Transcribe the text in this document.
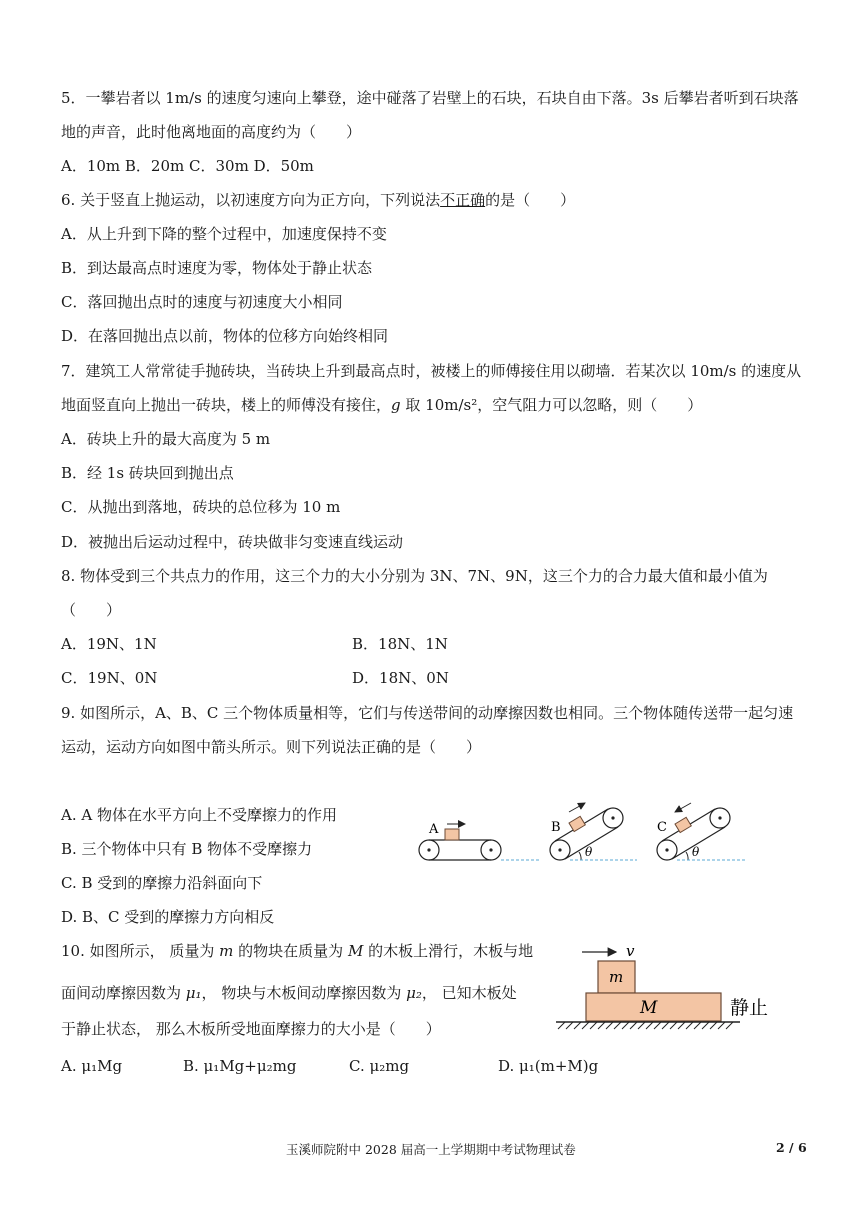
5．一攀岩者以 1m/s 的速度匀速向上攀登，途中碰落了岩壁上的石块，石块自由下落。3s 后攀岩者听到石块落
地的声音，此时他离地面的高度约为（　　）
A．10m B．20m C．30m D．50m
6. 关于竖直上抛运动，以初速度方向为正方向，下列说法不正确的是（　　）
A．从上升到下降的整个过程中，加速度保持不变
B．到达最高点时速度为零，物体处于静止状态
C．落回抛出点时的速度与初速度大小相同
D．在落回抛出点以前，物体的位移方向始终相同
7．建筑工人常常徒手抛砖块，当砖块上升到最高点时，被楼上的师傅接住用以砌墙．若某次以 10m/s 的速度从
地面竖直向上抛出一砖块，楼上的师傅没有接住，g 取 10m/s²，空气阻力可以忽略，则（　　）
A．砖块上升的最大高度为 5 m
B．经 1s 砖块回到抛出点
C．从抛出到落地，砖块的总位移为 10 m
D．被抛出后运动过程中，砖块做非匀变速直线运动
8. 物体受到三个共点力的作用，这三个力的大小分别为 3N、7N、9N，这三个力的合力最大值和最小值为
（　　）
A．19N、1N	B．18N、1N
C．19N、0N	D．18N、0N
9. 如图所示，A、B、C 三个物体质量相等，它们与传送带间的动摩擦因数也相同。三个物体随传送带一起匀速
运动，运动方向如图中箭头所示。则下列说法正确的是（　　）
A. A 物体在水平方向上不受摩擦力的作用
B. 三个物体中只有 B 物体不受摩擦力
C. B 受到的摩擦力沿斜面向下
D. B、C 受到的摩擦力方向相反
A	B
θ
C
θ
10. 如图所示， 质量为 m 的物块在质量为 M 的木板上滑行，木板与地
面间动摩擦因数为 μ₁， 物块与木板间动摩擦因数为 μ₂， 已知木板处
于静止状态， 那么木板所受地面摩擦力的大小是（　　）
A. μ₁Mg	B. μ₁Mg+μ₂mg	C. μ₂mg	D. μ₁(m+M)g
v
m
M	静止
玉溪师院附中 2028 届高一上学期期中考试物理试卷	2 / 6
